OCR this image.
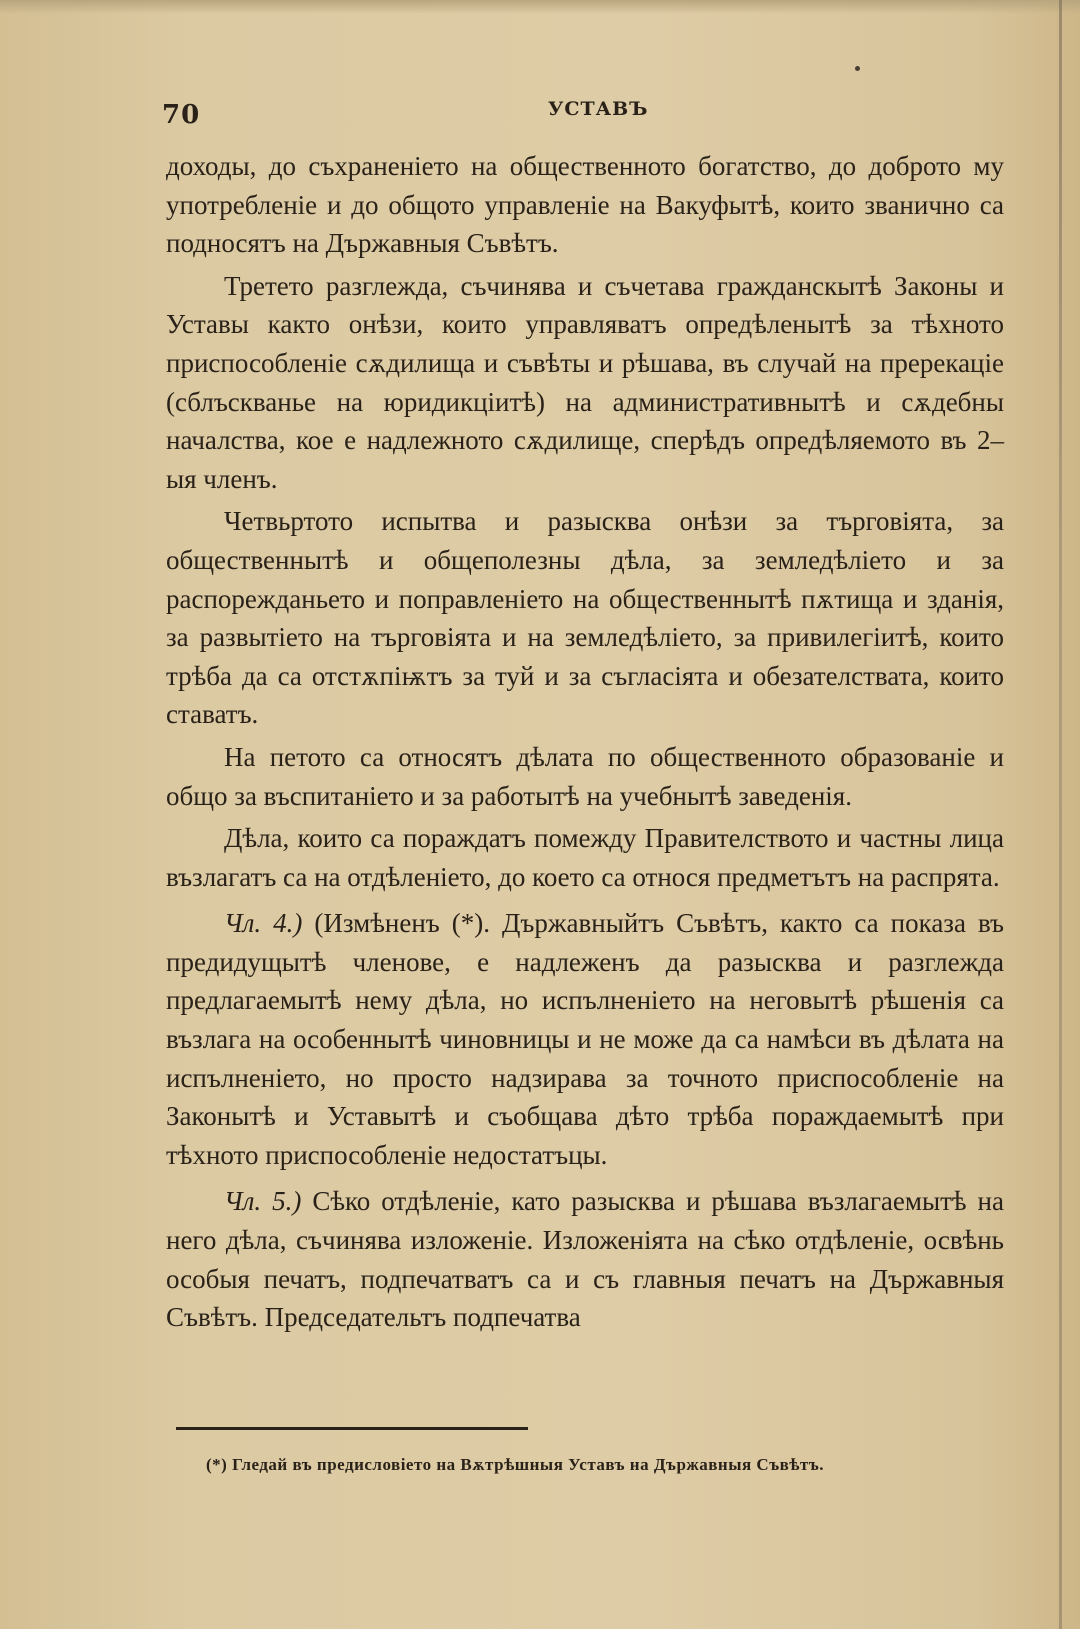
70	УСТАВЪ

доходы, до съхраненіето на общественното богатство, до доброто му употребленіе и до общото управленіе на Вакуфытѣ, които званично са подносятъ на Държавныя Съвѣтъ.

Третето разглежда, съчинява и съчетава гражданскытѣ Законы и Уставы както онѣзи, които управляватъ опредѣленытѣ за тѣхното приспособленіе сѫдилища и съвѣты и рѣшава, въ случай на пререкаціе (сблъскванье на юридикціитѣ) на административнытѣ и сѫдебны началства, кое е надлежното сѫдилище, сперѣдъ опредѣляемото въ 2–ыя членъ.

Четвьртото испытва и разысква онѣзи за търговіята, за общественнытѣ и общеполезны дѣла, за земледѣліето и за распорежданьето и поправленіето на общественнытѣ пѫтища и зданія, за развытіето на търговіята и на земледѣліето, за привилегіитѣ, които трѣба да са отстѫпіѭтъ за туй и за съгласіята и обезателствата, които ставатъ.

На петото са относятъ дѣлата по общественното образованіе и общо за въспитаніето и за работытѣ на учебнытѣ заведенія.

Дѣла, които са пораждатъ помежду Правителството и частны лица възлагатъ са на отдѣленіето, до което са относя предметътъ на распрята.

Чл. 4.) (Измѣненъ (*). Държавныйтъ Съвѣтъ, както са показа въ предидущытѣ членове, е надлеженъ да разысква и разглежда предлагаемытѣ нему дѣла, но испълненіето на неговытѣ рѣшенія са възлага на особеннытѣ чиновницы и не може да са намѣси въ дѣлата на испълненіето, но просто надзирава за точното приспособленіе на Законытѣ и Уставытѣ и съобщава дѣто трѣба пораждаемытѣ при тѣхното приспособленіе недостатъцы.

Чл. 5.) Сѣко отдѣленіе, като разысква и рѣшава възлагаемытѣ на него дѣла, съчинява изложеніе. Изложеніята на сѣко отдѣленіе, освѣнь особыя печатъ, подпечатватъ са и съ главныя печатъ на Държавныя Съвѣтъ. Председательтъ подпечатва

(*) Гледай въ предисловіето на Вѫтрѣшныя Уставъ на Държавныя Съвѣтъ.
